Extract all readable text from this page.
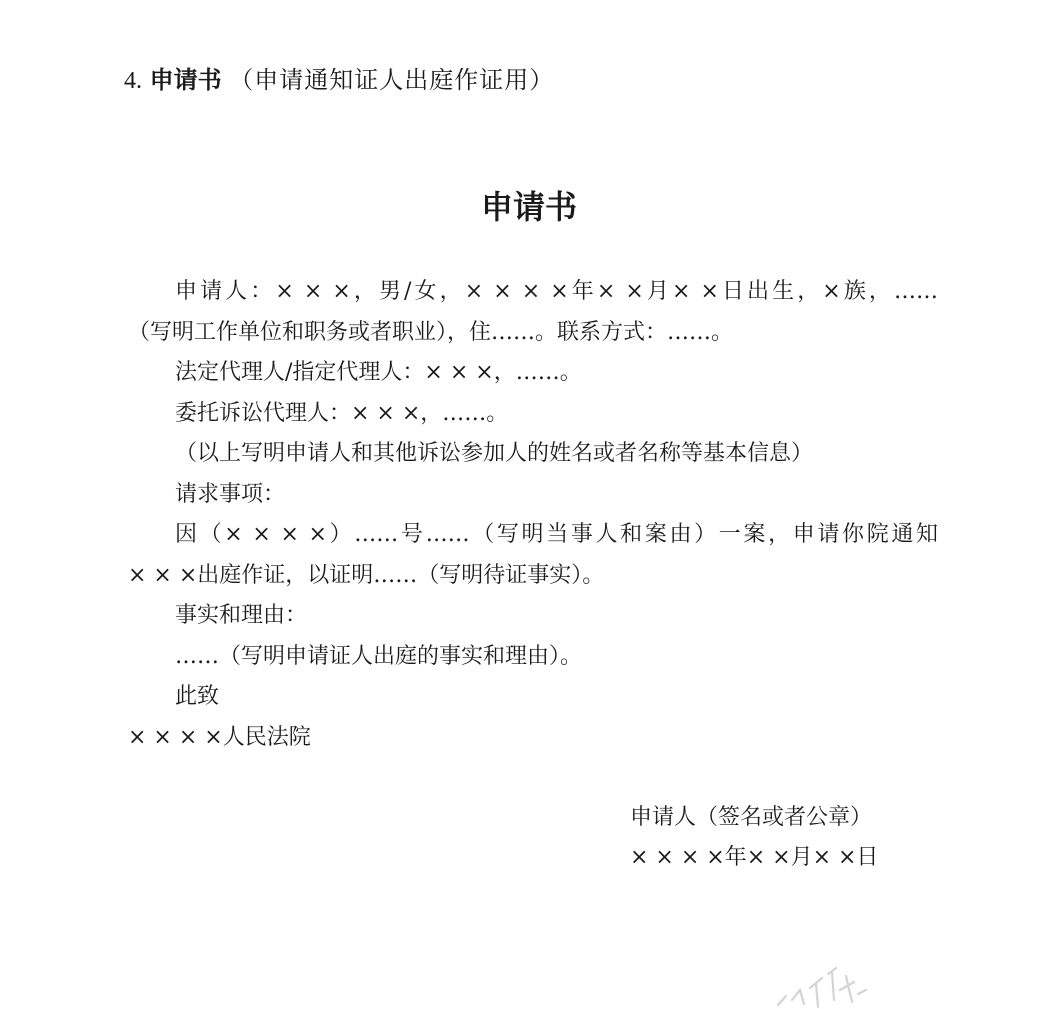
4. 申请书 （申请通知证人出庭作证用）
申请书

申请人：× × ×，男/女，× × × ×年× ×月× ×日出生，×族，……

（写明工作单位和职务或者职业），住……。联系方式：……。

法定代理人/指定代理人：× × ×，……。

委托诉讼代理人：× × ×，……。

（以上写明申请人和其他诉讼参加人的姓名或者名称等基本信息）

请求事项：

因（× × × ×）……号……（写明当事人和案由）一案，申请你院通知

× × ×出庭作证，以证明……（写明待证事实）。

事实和理由：

……（写明申请证人出庭的事实和理由）。

此致

× × × ×人民法院

申请人（签名或者公章）

× × × ×年× ×月× ×日
